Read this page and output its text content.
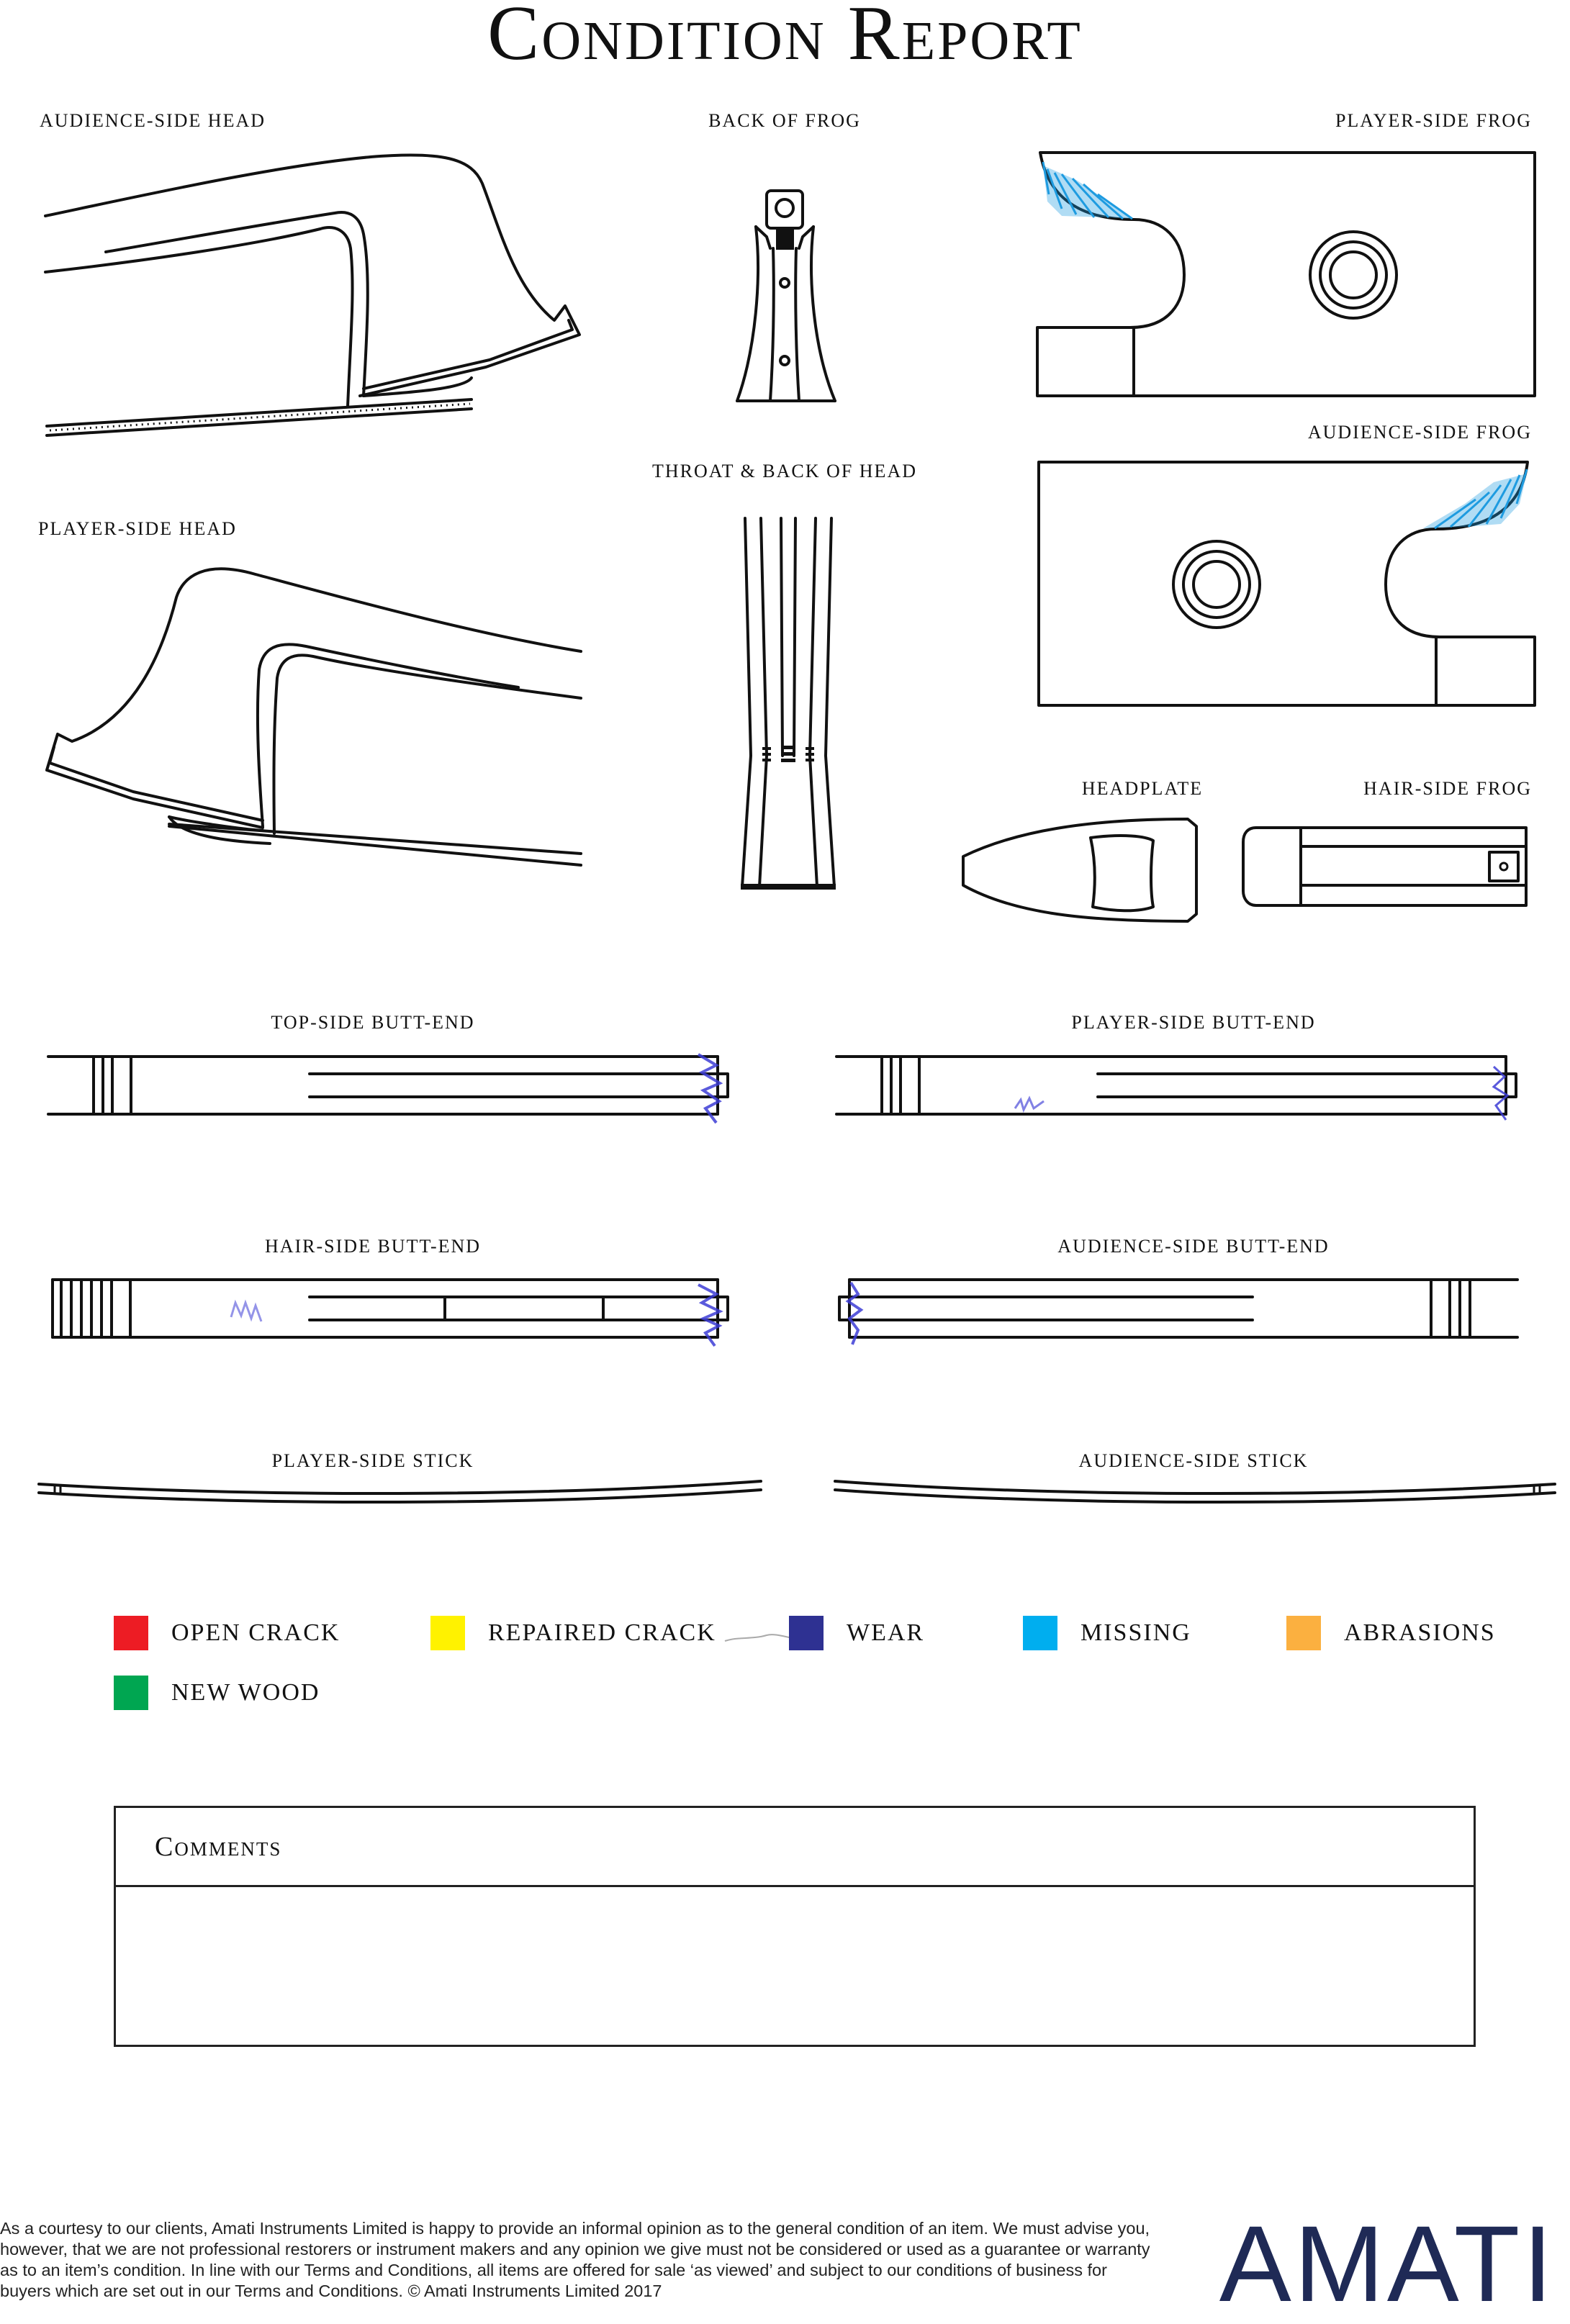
Condition Report
AUDIENCE-SIDE HEAD	BACK OF FROG	PLAYER-SIDE FROG
AUDIENCE-SIDE FROG
THROAT & BACK OF HEAD
PLAYER-SIDE HEAD
HEADPLATE	HAIR-SIDE FROG
TOP-SIDE BUTT-END	PLAYER-SIDE BUTT-END
HAIR-SIDE BUTT-END	AUDIENCE-SIDE BUTT-END
PLAYER-SIDE STICK	AUDIENCE-SIDE STICK
OPEN CRACK	REPAIRED CRACK	WEAR	MISSING	ABRASIONS
NEW WOOD
Comments
As a courtesy to our clients, Amati Instruments Limited is happy to provide an informal opinion as to the general condition of an item. We must advise you, however, that we are not professional restorers or instrument makers and any opinion we give must not be considered or used as a guarantee or warranty as to an item’s condition. In line with our Terms and Conditions, all items are offered for sale ‘as viewed’ and subject to our conditions of business for buyers which are set out in our Terms and Conditions. © Amati Instruments Limited 2017	AMATI
